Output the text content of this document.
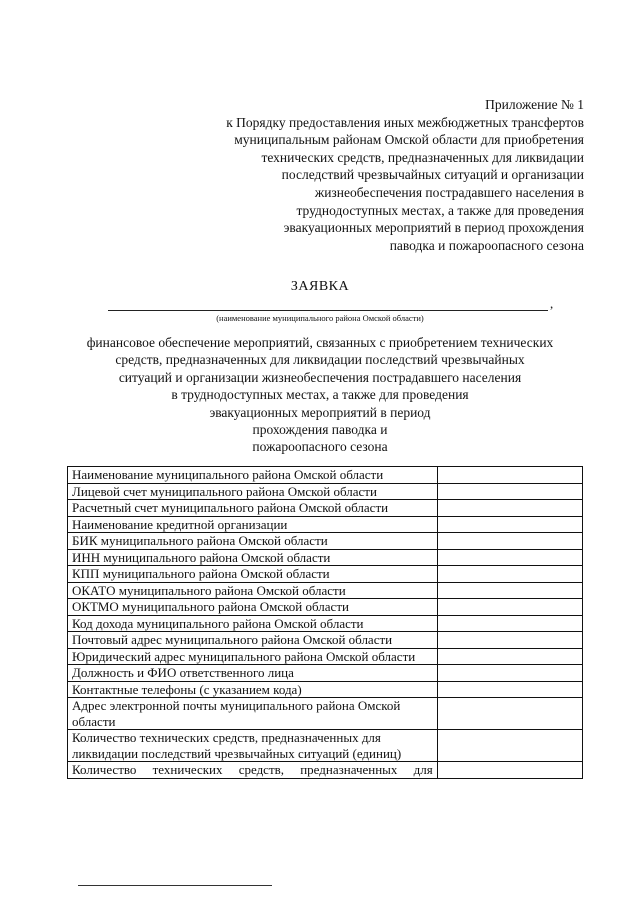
Приложение № 1
к Порядку предоставления иных межбюджетных трансфертов
муниципальным районам Омской области для приобретения
технических средств, предназначенных для ликвидации
последствий чрезвычайных ситуаций и организации
жизнеобеспечения пострадавшего населения в
труднодоступных местах, а также для проведения
эвакуационных мероприятий в период прохождения
паводка и пожароопасного сезона
ЗАЯВКА
,
(наименование муниципального района Омской области)
финансовое обеспечение мероприятий, связанных с приобретением технических
средств, предназначенных для ликвидации последствий чрезвычайных
ситуаций и организации жизнеобеспечения пострадавшего населения
в труднодоступных местах, а также для проведения
эвакуационных мероприятий в период
прохождения паводка и
пожароопасного сезона
Наименование муниципального района Омской области	
Лицевой счет муниципального района Омской области	
Расчетный счет муниципального района Омской области	
Наименование кредитной организации	
БИК муниципального района Омской области	
ИНН муниципального района Омской области	
КПП муниципального района Омской области	
ОКАТО муниципального района Омской области	
ОКТМО муниципального района Омской области	
Код дохода муниципального района Омской области	
Почтовый адрес муниципального района Омской области	
Юридический адрес муниципального района Омской области	
Должность и ФИО ответственного лица	
Контактные телефоны (с указанием кода)	
Адрес электронной почты муниципального района Омской области	
Количество технических средств, предназначенных для ликвидации последствий чрезвычайных ситуаций (единиц)	
Количество технических средств, предназначенных для	
